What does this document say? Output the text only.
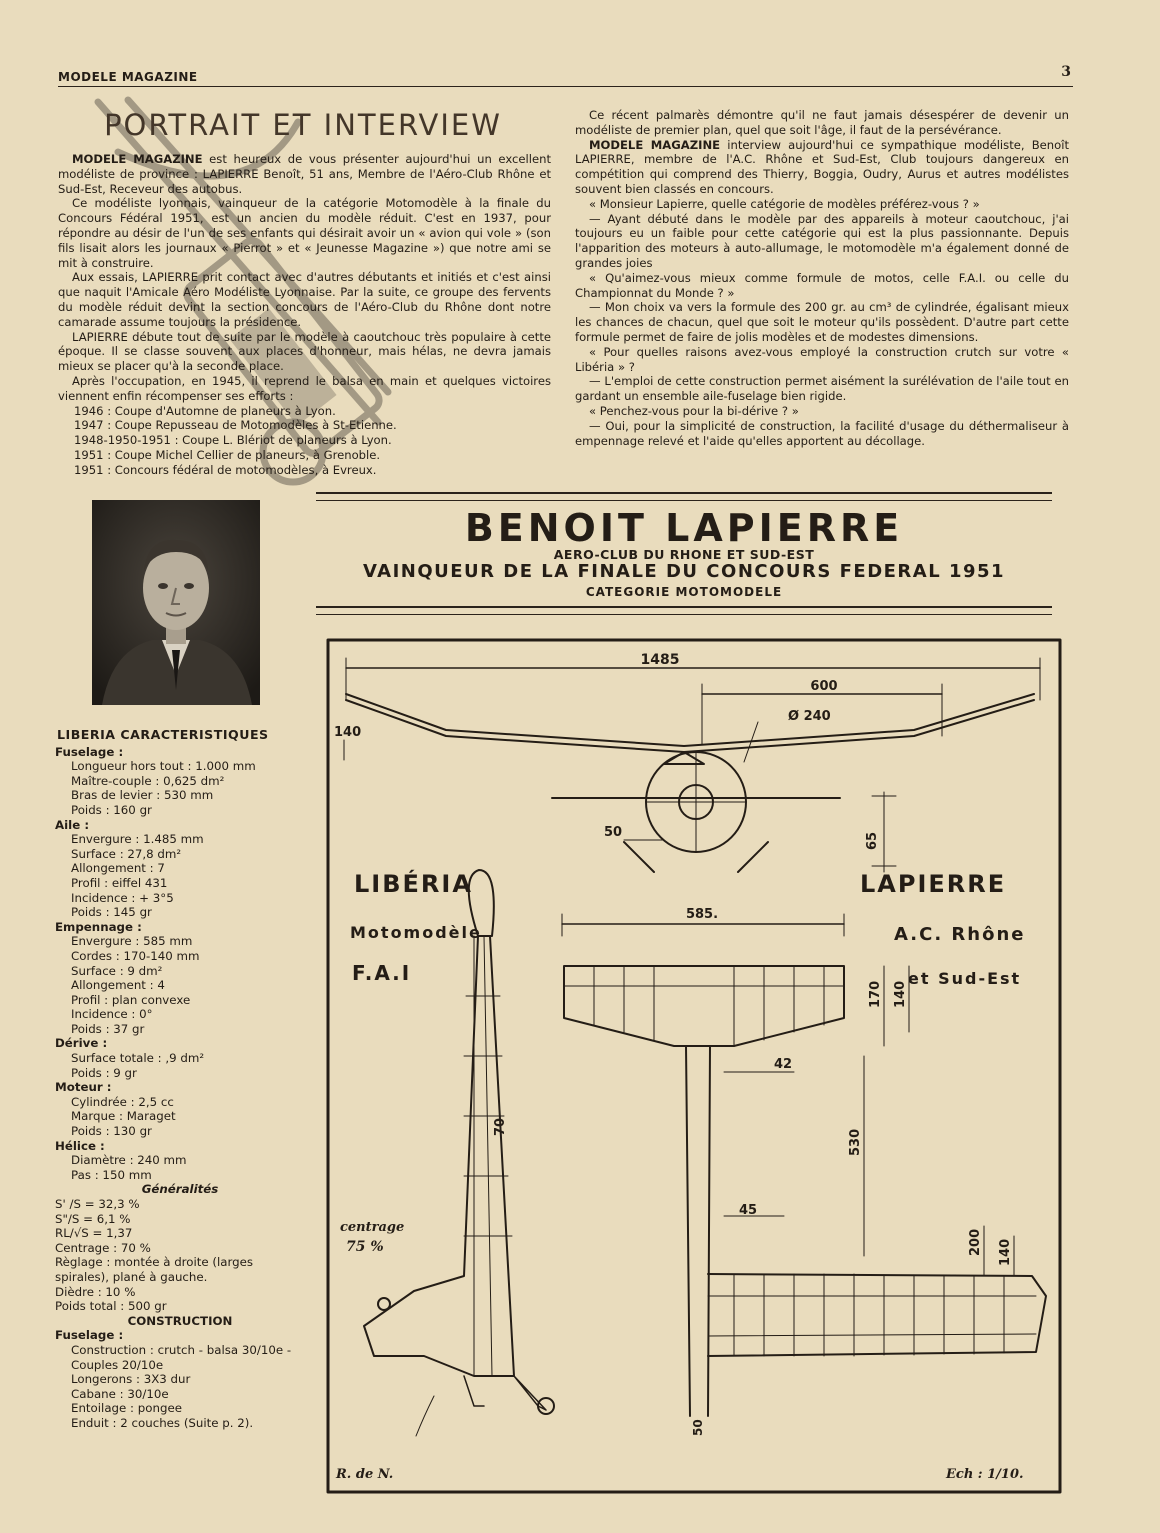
MODELE MAGAZINE	3
PORTRAIT ET INTERVIEW

MODELE MAGAZINE est heureux de vous présenter aujourd'hui un excellent modéliste de province : LAPIERRE Benoît, 51 ans, Membre de l'Aéro-Club Rhône et Sud-Est, Receveur des autobus.

Ce modéliste lyonnais, vainqueur de la catégorie Motomodèle à la finale du Concours Fédéral 1951, est un ancien du modèle réduit. C'est en 1937, pour répondre au désir de l'un de ses enfants qui désirait avoir un « avion qui vole » (son fils lisait alors les journaux « Pierrot » et « Jeunesse Magazine ») que notre ami se mit à construire.

Aux essais, LAPIERRE prit contact avec d'autres débutants et initiés et c'est ainsi que naquit l'Amicale Aéro Modéliste Lyonnaise. Par la suite, ce groupe des fervents du modèle réduit devint la section concours de l'Aéro-Club du Rhône dont notre camarade assume toujours la présidence.

LAPIERRE débute tout de suite par le modèle à caoutchouc très populaire à cette époque. Il se classe souvent aux places d'honneur, mais hélas, ne devra jamais mieux se placer qu'à la seconde place.

Après l'occupation, en 1945, il reprend le balsa en main et quelques victoires viennent enfin récompenser ses efforts :

1946 : Coupe d'Automne de planeurs à Lyon.
1947 : Coupe Repusseau de Motomodèles à St-Etienne.
1948-1950-1951 : Coupe L. Blériot de planeurs à Lyon.
1951 : Coupe Michel Cellier de planeurs, à Grenoble.
1951 : Concours fédéral de motomodèles, à Evreux.

Ce récent palmarès démontre qu'il ne faut jamais désespérer de devenir un modéliste de premier plan, quel que soit l'âge, il faut de la persévérance.

MODELE MAGAZINE interview aujourd'hui ce sympathique modéliste, Benoît LAPIERRE, membre de l'A.C. Rhône et Sud-Est, Club toujours dangereux en compétition qui comprend des Thierry, Boggia, Oudry, Aurus et autres modélistes souvent bien classés en concours.

« Monsieur Lapierre, quelle catégorie de modèles préférez-vous ? »

— Ayant débuté dans le modèle par des appareils à moteur caoutchouc, j'ai toujours eu un faible pour cette catégorie qui est la plus passionnante. Depuis l'apparition des moteurs à auto-allumage, le motomodèle m'a également donné de grandes joies

« Qu'aimez-vous mieux comme formule de motos, celle F.A.I. ou celle du Championnat du Monde ? »

— Mon choix va vers la formule des 200 gr. au cm³ de cylindrée, égalisant mieux les chances de chacun, quel que soit le moteur qu'ils possèdent. D'autre part cette formule permet de faire de jolis modèles et de modestes dimensions.

« Pour quelles raisons avez-vous employé la construction crutch sur votre « Libéria » ?

— L'emploi de cette construction permet aisément la surélévation de l'aile tout en gardant un ensemble aile-fuselage bien rigide.

« Penchez-vous pour la bi-dérive ? »

— Oui, pour la simplicité de construction, la facilité d'usage du déthermaliseur à empennage relevé et l'aide qu'elles apportent au décollage.

BENOIT LAPIERRE
AERO-CLUB DU RHONE ET SUD-EST
VAINQUEUR DE LA FINALE DU CONCOURS FEDERAL 1951
CATEGORIE MOTOMODELE
LIBERIA CARACTERISTIQUES
Fuselage :
Longueur hors tout : 1.000 mm
Maître-couple : 0,625 dm²
Bras de levier : 530 mm
Poids : 160 gr
Aile :
Envergure : 1.485 mm
Surface : 27,8 dm²
Allongement : 7
Profil : eiffel 431
Incidence : + 3°5
Poids : 145 gr
Empennage :
Envergure : 585 mm
Cordes : 170-140 mm
Surface : 9 dm²
Allongement : 4
Profil : plan convexe
Incidence : 0°
Poids : 37 gr
Dérive :
Surface totale : ,9 dm²
Poids : 9 gr
Moteur :
Cylindrée : 2,5 cc
Marque : Maraget
Poids : 130 gr
Hélice :
Diamètre : 240 mm
Pas : 150 mm
Généralités
S' /S = 32,3 %
S"/S = 6,1 %
RL/√S = 1,37
Centrage : 70 %
Règlage : montée à droite (larges spirales), plané à gauche.
Dièdre : 10 %
Poids total : 500 gr
CONSTRUCTION
Fuselage :
Construction : crutch - balsa 30/10e - Couples 20/10e
Longerons : 3X3 dur
Cabane : 30/10e
Entoilage : pongee
Enduit : 2 couches (Suite p. 2).
1485
600
Ø 240
140
50	65
585.
170 140
42
70
530
45
200 140
50
LIBÉRIA
Motomodèle
F.A.I
LAPIERRE
A.C. Rhône
et Sud-Est
centrage
75 %
R. de N.	Ech : 1/10.
